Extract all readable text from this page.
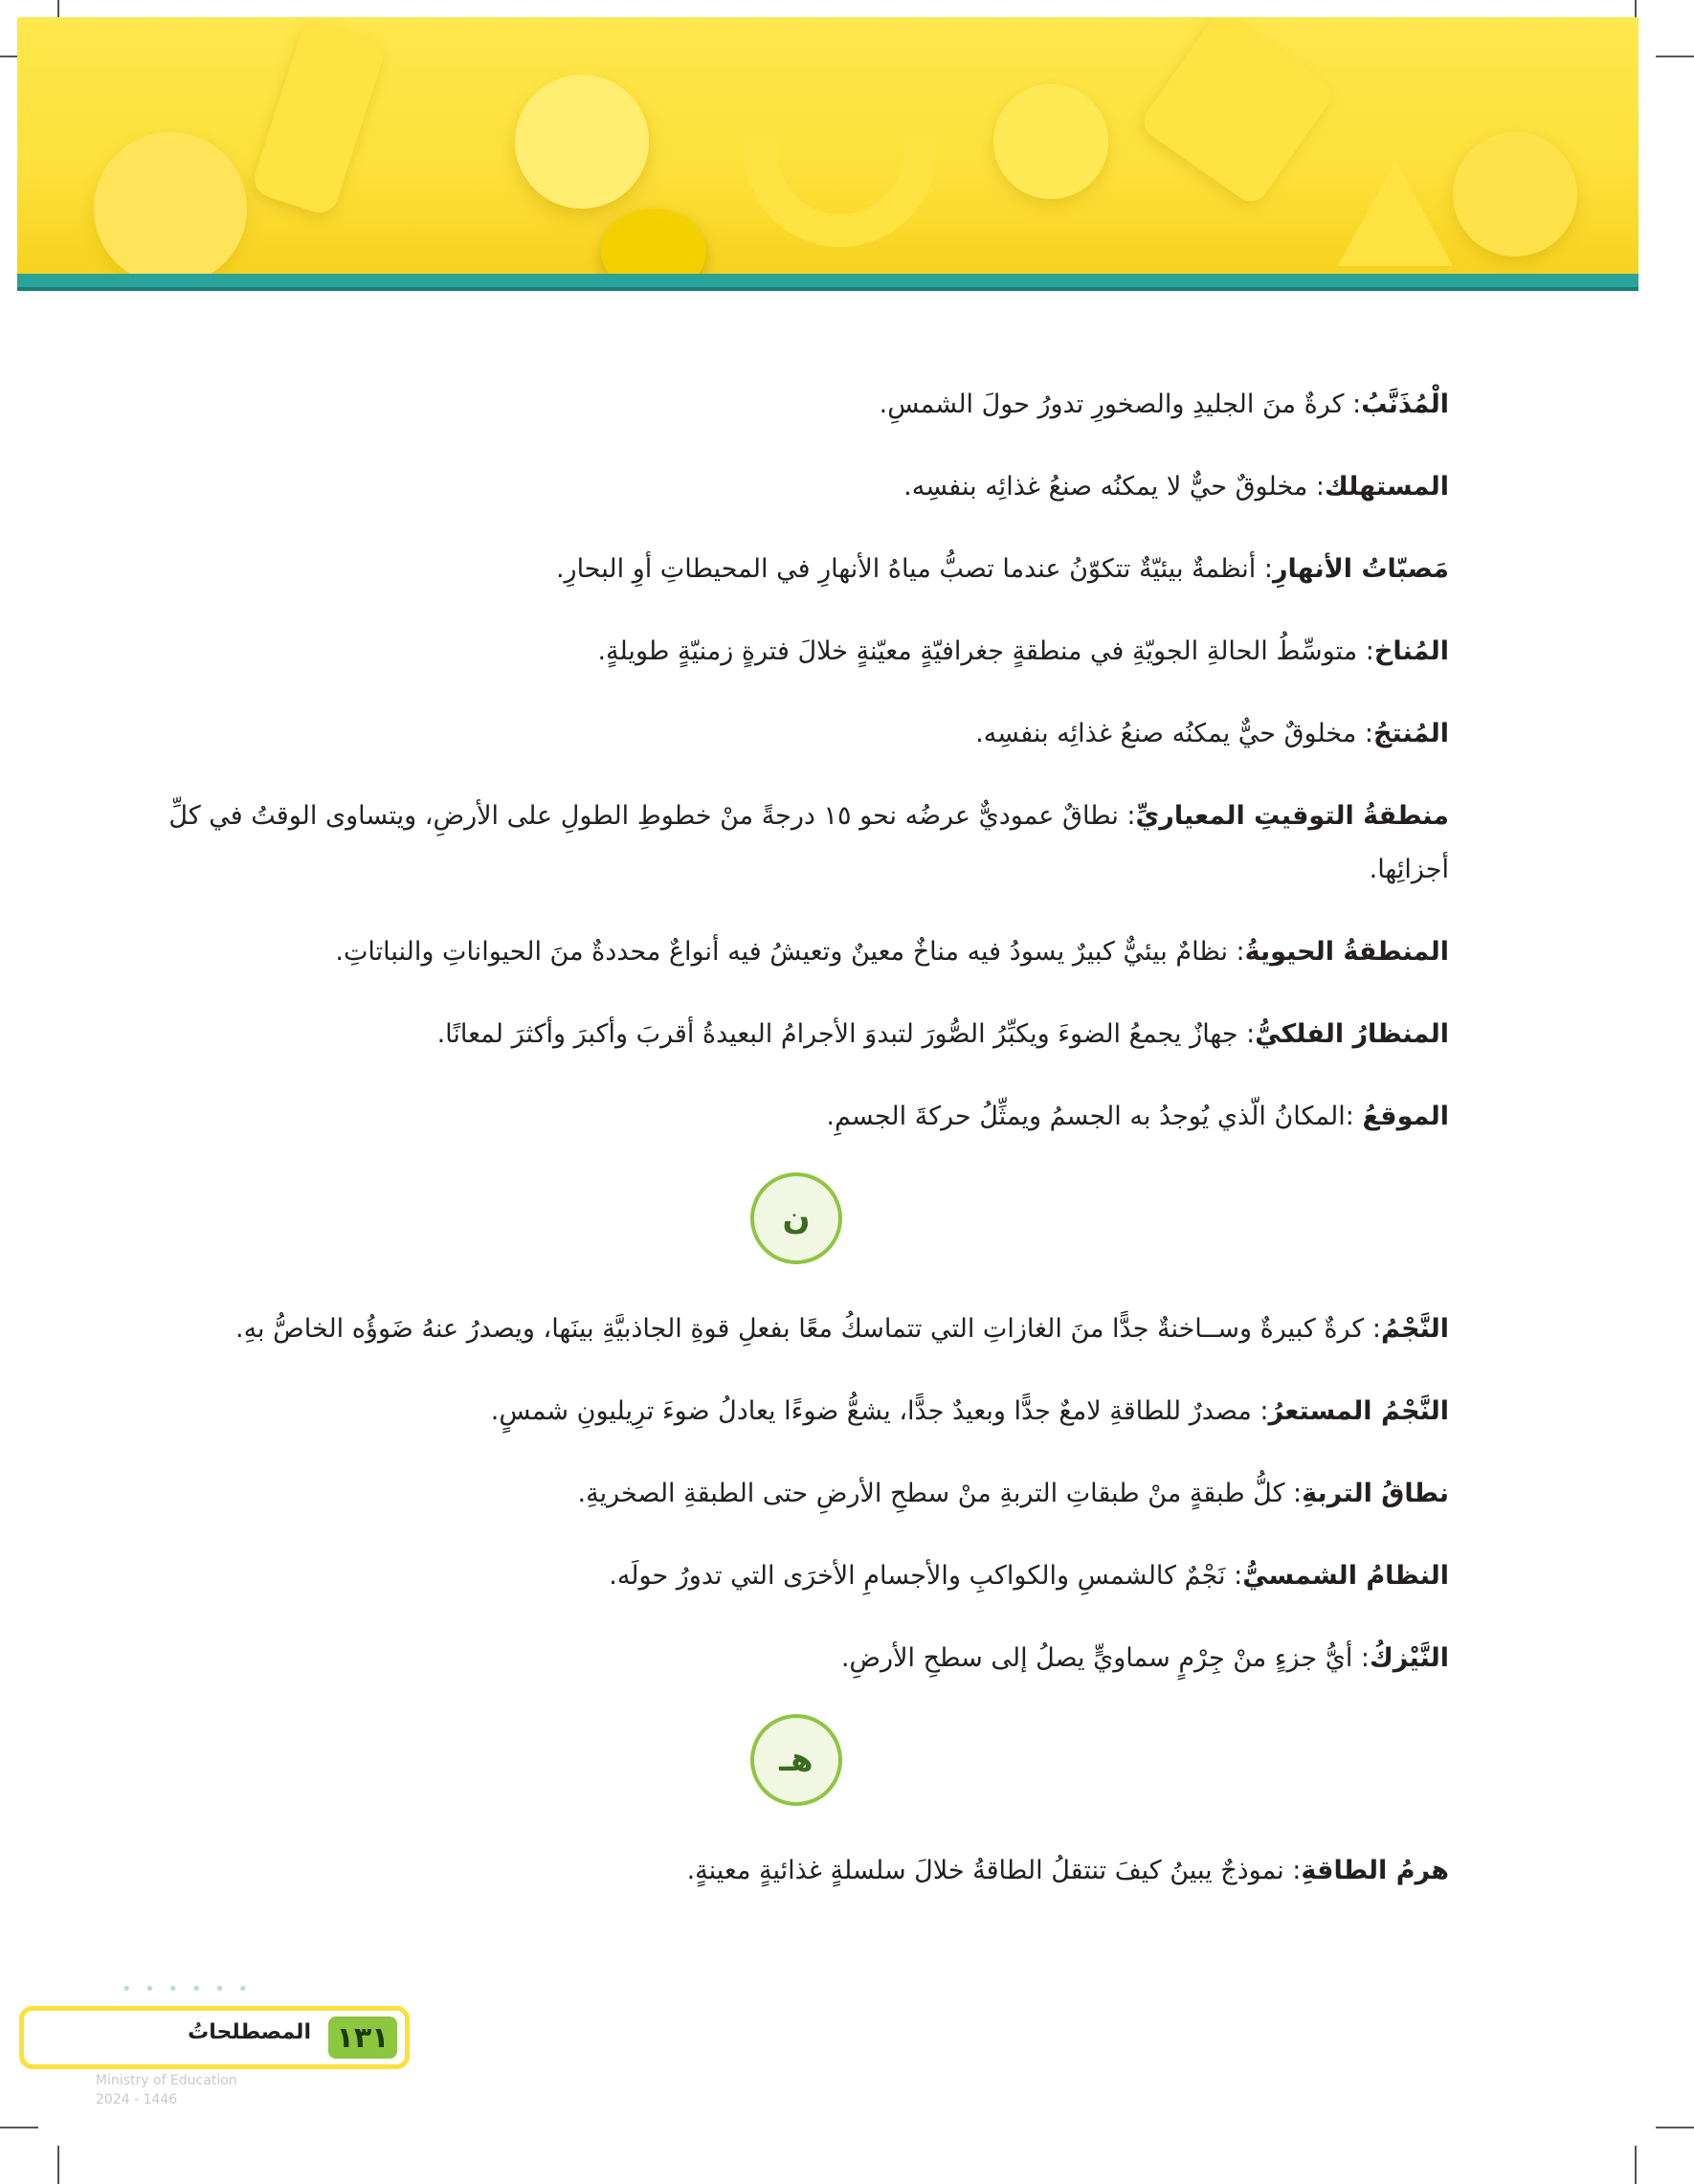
الْمُذَنَّبُ: كرةٌ منَ الجليدِ والصخورِ تدورُ حولَ الشمسِ.

المستهلك: مخلوقٌ حيٌّ لا يمكنُه صنعُ غذائِه بنفسِه.

مَصبّاتُ الأنهارِ: أنظمةٌ بيئيّةٌ تتكوّنُ عندما تصبُّ مياهُ الأنهارِ في المحيطاتِ أوِ البحارِ.

المُناخ: متوسِّطُ الحالةِ الجويّةِ في منطقةٍ جغرافيّةٍ معيّنةٍ خلالَ فترةٍ زمنيّةٍ طويلةٍ.

المُنتجُ: مخلوقٌ حيٌّ يمكنُه صنعُ غذائِه بنفسِه.

منطقةُ التوقيتِ المعياريِّ: نطاقٌ عموديٌّ عرضُه نحو ١٥ درجةً منْ خطوطِ الطولِ على الأرضِ، ويتساوى الوقتُ في كلِّ أجزائِها.

المنطقةُ الحيويةُ: نظامٌ بيئيٌّ كبيرٌ يسودُ فيه مناخٌ معينٌ وتعيشُ فيه أنواعٌ محددةٌ منَ الحيواناتِ والنباتاتِ.

المنظارُ الفلكيُّ: جهازٌ يجمعُ الضوءَ ويكبِّرُ الصُّورَ لتبدوَ الأجرامُ البعيدةُ أقربَ وأكبرَ وأكثرَ لمعانًا.

الموقعُ :المكانُ الّذي يُوجدُ به الجسمُ ويمثِّلُ حركةَ الجسمِ.

ن

النَّجْمُ: كرةٌ كبيرةٌ وســاخنةٌ جدًّا منَ الغازاتِ التي تتماسكُ معًا بفعلِ قوةِ الجاذبيَّةِ بينَها، ويصدرُ عنهُ ضَوؤُه الخاصُّ بهِ.

النَّجْمُ المستعرُ: مصدرٌ للطاقةِ لامعٌ جدًّا وبعيدٌ جدًّا، يشعُّ ضوءًا يعادلُ ضوءَ ترِيليونِ شمسٍ.

نطاقُ التربةِ: كلُّ طبقةٍ منْ طبقاتِ التربةِ منْ سطحِ الأرضِ حتى الطبقةِ الصخريةِ.

النظامُ الشمسيُّ: نَجْمٌ كالشمسِ والكواكبِ والأجسامِ الأخرَى التي تدورُ حولَه.

النَّيْزكُ: أيُّ جزءٍ منْ جِرْمٍ سماويٍّ يصلُ إلى سطحِ الأرضِ.

هـ

هرمُ الطاقةِ: نموذجٌ يبينُ كيفَ تنتقلُ الطاقةُ خلالَ سلسلةٍ غذائيةٍ معينةٍ.

• • • • • •

Ministry of Education
2024 - 1446
١٣١
المصطلحاتُ
